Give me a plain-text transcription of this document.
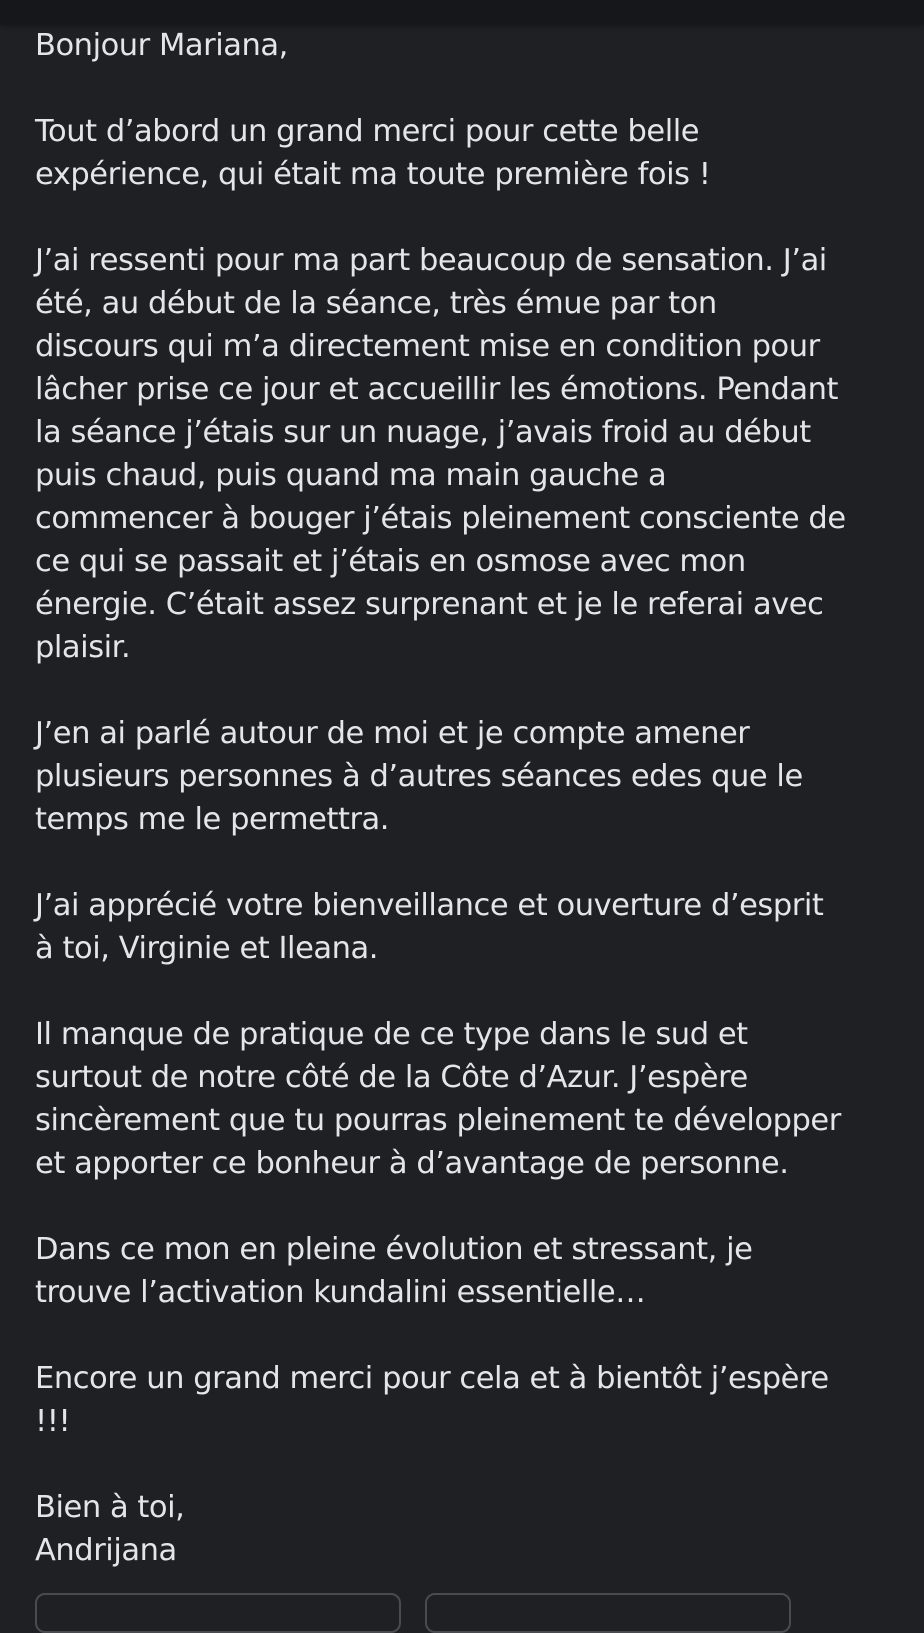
Bonjour Mariana,

Tout d’abord un grand merci pour cette belle
expérience, qui était ma toute première fois !

J’ai ressenti pour ma part beaucoup de sensation. J’ai
été, au début de la séance, très émue par ton
discours qui m’a directement mise en condition pour
lâcher prise ce jour et accueillir les émotions. Pendant
la séance j’étais sur un nuage, j’avais froid au début
puis chaud, puis quand ma main gauche a
commencer à bouger j’étais pleinement consciente de
ce qui se passait et j’étais en osmose avec mon
énergie. C’était assez surprenant et je le referai avec
plaisir.

J’en ai parlé autour de moi et je compte amener
plusieurs personnes à d’autres séances edes que le
temps me le permettra.

J’ai apprécié votre bienveillance et ouverture d’esprit
à toi, Virginie et Ileana.

Il manque de pratique de ce type dans le sud et
surtout de notre côté de la Côte d’Azur. J’espère
sincèrement que tu pourras pleinement te développer
et apporter ce bonheur à d’avantage de personne.

Dans ce mon en pleine évolution et stressant, je
trouve l’activation kundalini essentielle…

Encore un grand merci pour cela et à bientôt j’espère
!!!

Bien à toi,

Andrijana
